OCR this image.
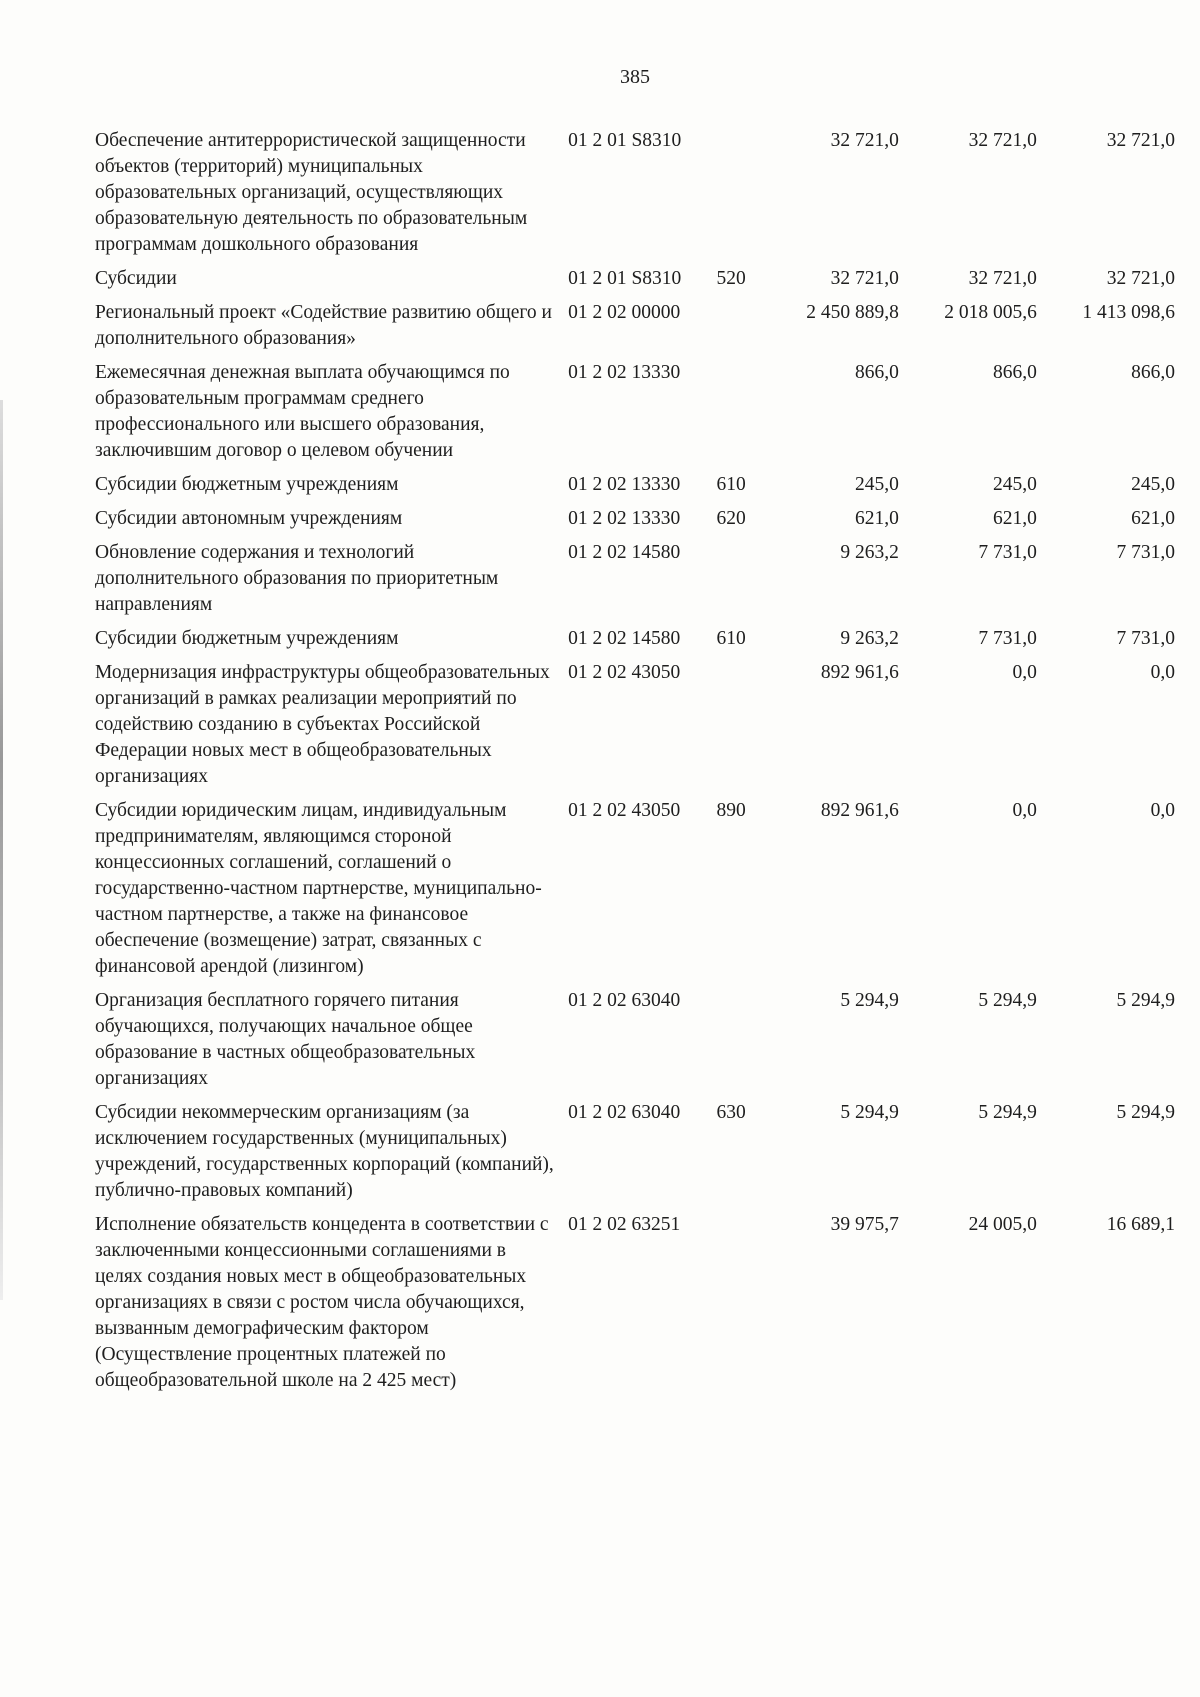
385
Обеспечение антитеррористической защищенности объектов (территорий) муниципальных образовательных организаций, осуществляющих образовательную деятельность по образовательным программам дошкольного образования	01 2 01 S8310		32 721,0	32 721,0	32 721,0
Субсидии	01 2 01 S8310	520	32 721,0	32 721,0	32 721,0
Региональный проект «Содействие развитию общего и дополнительного образования»	01 2 02 00000		2 450 889,8	2 018 005,6	1 413 098,6
Ежемесячная денежная выплата обучающимся по образовательным программам среднего профессионального или высшего образования, заключившим договор о целевом обучении	01 2 02 13330		866,0	866,0	866,0
Субсидии бюджетным учреждениям	01 2 02 13330	610	245,0	245,0	245,0
Субсидии автономным учреждениям	01 2 02 13330	620	621,0	621,0	621,0
Обновление содержания и технологий дополнительного образования по приоритетным направлениям	01 2 02 14580		9 263,2	7 731,0	7 731,0
Субсидии бюджетным учреждениям	01 2 02 14580	610	9 263,2	7 731,0	7 731,0
Модернизация инфраструктуры общеобразовательных организаций в рамках реализации мероприятий по содействию созданию в субъектах Российской Федерации новых мест в общеобразовательных организациях	01 2 02 43050		892 961,6	0,0	0,0
Субсидии юридическим лицам, индивидуальным предпринимателям, являющимся стороной концессионных соглашений, соглашений о государственно-частном партнерстве, муниципально-частном партнерстве, а также на финансовое обеспечение (возмещение) затрат, связанных с финансовой арендой (лизингом)	01 2 02 43050	890	892 961,6	0,0	0,0
Организация бесплатного горячего питания обучающихся, получающих начальное общее образование в частных общеобразовательных организациях	01 2 02 63040		5 294,9	5 294,9	5 294,9
Субсидии некоммерческим организациям (за исключением государственных (муниципальных) учреждений, государственных корпораций (компаний), публично-правовых компаний)	01 2 02 63040	630	5 294,9	5 294,9	5 294,9
Исполнение обязательств концедента в соответствии с заключенными концессионными соглашениями в целях создания новых мест в общеобразовательных организациях в связи с ростом числа обучающихся, вызванным демографическим фактором (Осуществление процентных платежей по общеобразовательной школе на 2 425 мест)	01 2 02 63251		39 975,7	24 005,0	16 689,1
